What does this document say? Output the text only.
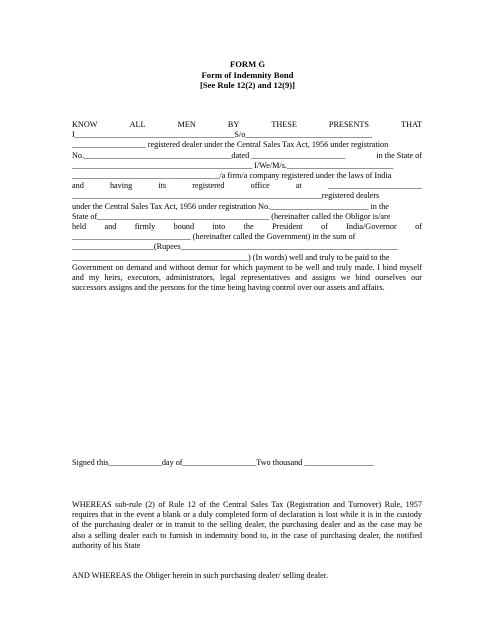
FORM G
Form of Indemnity Bond
[See Rule 12(2) and 12(9)]
KNOW	ALL	MEN	BY	THESE	PRESENTS	THAT
I_______________________________________S/o_______________________________
__________________ registered dealer under the Central Sales Tax Act, 1956 under registration
No.____________________________________dated _______________________	in the State of
____________________________________________ I/We/M/s.__________________________
____________________________________/a firm/a company registered under the laws of India
and	having	its	registered	office	at	_______________________
_____________________________________________________________registered dealers
under the Central Sales Tax Act, 1956 under registration No.________________________ in the
State of__________________________________________ (hereinafter called the Obligor is/are
held and firmly bound into the President of India/Governor of
_____________________________ (hereinafter called the Government) in the sum of
____________________(Rupees_____________________________________________________
___________________________________________) (In words) well and truly to be paid to the
Government on demand and without demur for which payment to be well and truly made. I bind myself and my heirs, executors, administrators, legal representatives and assigns we bind ourselves our successors assigns and the persons for the time being having control over our assets and affairs.
Signed this_____________day of__________________Two thousand _________________
WHEREAS sub-rule (2) of Rule 12 of the Central Sales Tax (Registration and Turnover) Rule, 1957 requires that in the event a blank or a duly completed form of declaration is lost while it is in the custody of the purchasing dealer or in transit to the selling dealer, the purchasing dealer and as the case may be also a selling dealer each to furnish in indemnity bond to, in the case of purchasing dealer, the notified authority of his State
AND WHEREAS the Obliger herein in such purchasing dealer/ selling dealer.
